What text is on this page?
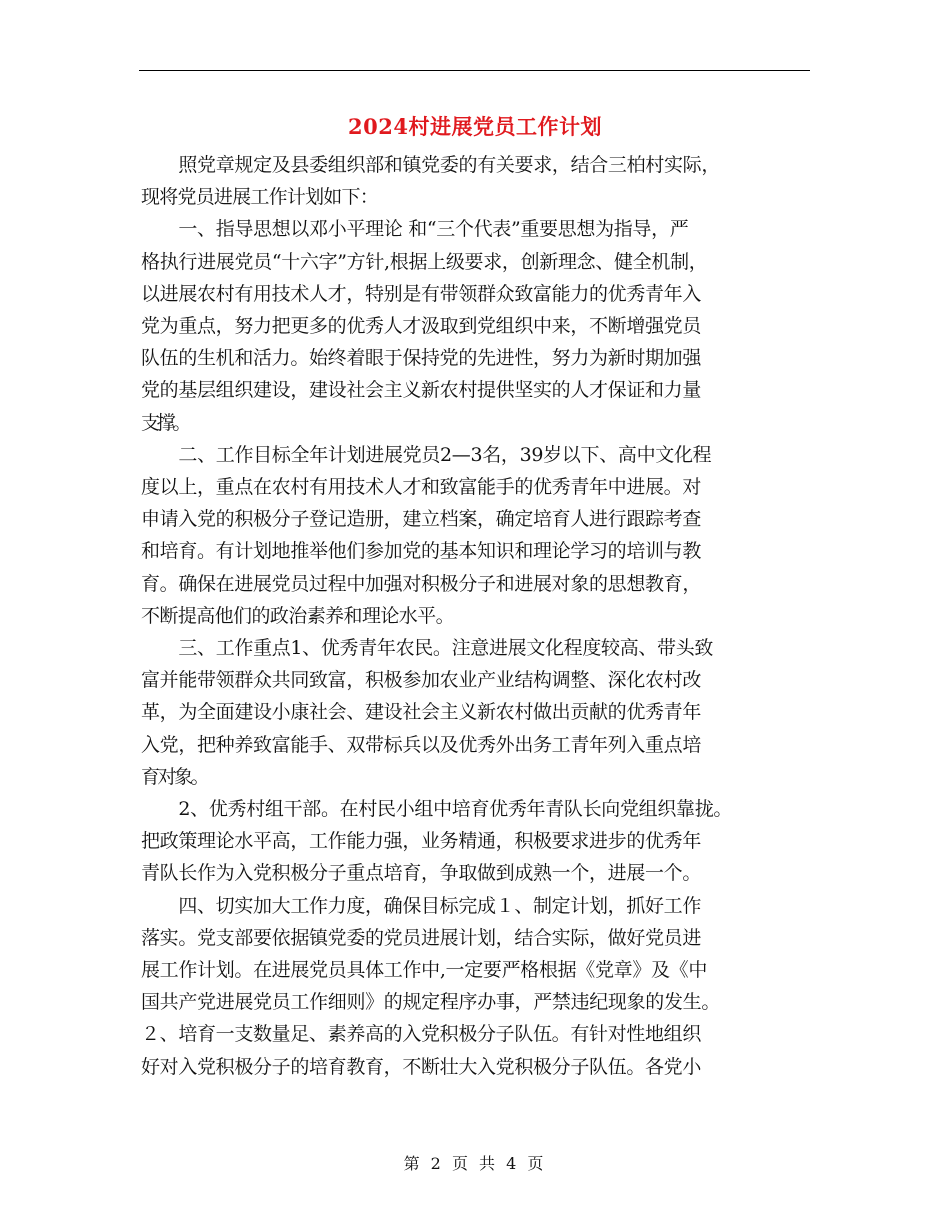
2024村进展党员工作计划

　　照党章规定及县委组织部和镇党委的有关要求，结合三柏村实际，

现将党员进展工作计划如下：

　　一、指导思想以邓小平理论 和“三个代表”重要思想为指导，严

格执行进展党员“十六字”方针,根据上级要求，创新理念、健全机制，

以进展农村有用技术人才，特别是有带领群众致富能力的优秀青年入

党为重点，努力把更多的优秀人才汲取到党组织中来，不断增强党员

队伍的生机和活力。始终着眼于保持党的先进性，努力为新时期加强

党的基层组织建设，建设社会主义新农村提供坚实的人才保证和力量

支撑。

　　二、工作目标全年计划进展党员2—3名，39岁以下、高中文化程

度以上，重点在农村有用技术人才和致富能手的优秀青年中进展。对

申请入党的积极分子登记造册，建立档案，确定培育人进行跟踪考查

和培育。有计划地推举他们参加党的基本知识和理论学习的培训与教

育。确保在进展党员过程中加强对积极分子和进展对象的思想教育，

不断提高他们的政治素养和理论水平。

　　三、工作重点1、优秀青年农民。注意进展文化程度较高、带头致

富并能带领群众共同致富，积极参加农业产业结构调整、深化农村改

革，为全面建设小康社会、建设社会主义新农村做出贡献的优秀青年

入党，把种养致富能手、双带标兵以及优秀外出务工青年列入重点培

育对象。

　　2、优秀村组干部。在村民小组中培育优秀年青队长向党组织靠拢。

把政策理论水平高，工作能力强，业务精通，积极要求进步的优秀年

青队长作为入党积极分子重点培育，争取做到成熟一个，进展一个。

　　四、切实加大工作力度，确保目标完成１、制定计划，抓好工作

落实。党支部要依据镇党委的党员进展计划，结合实际，做好党员进

展工作计划。在进展党员具体工作中,一定要严格根据《党章》及《中

国共产党进展党员工作细则》的规定程序办事，严禁违纪现象的发生。

２、培育一支数量足、素养高的入党积极分子队伍。有针对性地组织

好对入党积极分子的培育教育，不断壮大入党积极分子队伍。各党小

第 2 页 共 4 页
